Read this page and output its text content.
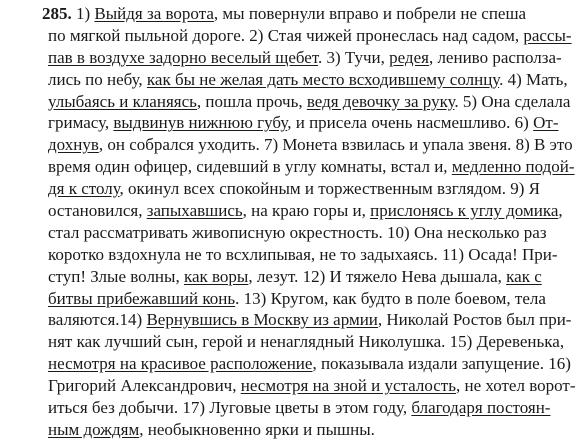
285. 1) Выйдя за ворота, мы повернули вправо и побрели не спеша
по мягкой пыльной дороге. 2) Стая чижей пронеслась над садом, рассы-
пав в воздухе задорно веселый щебет. 3) Тучи, редея, лениво располза-
лись по небу, как бы не желая дать место всходившему солнцу. 4) Мать,
улыбаясь и кланяясь, пошла прочь, ведя девочку за руку. 5) Она сделала
гримасу, выдвинув нижнюю губу, и присела очень насмешливо. 6) От-
дохнув, он собрался уходить. 7) Монета взвилась и упала звеня. 8) В это
время один офицер, сидевший в углу комнаты, встал и, медленно подой-
дя к столу, окинул всех спокойным и торжественным взглядом. 9) Я
остановился, запыхавшись, на краю горы и, прислонясь к углу домика,
стал рассматривать живописную окрестность. 10) Она несколько раз
коротко вздохнула не то всхлипывая, не то задыхаясь. 11) Осада! При-
ступ! Злые волны, как воры, лезут. 12) И тяжело Нева дышала, как с
битвы прибежавший конь. 13) Кругом, как будто в поле боевом, тела
валяются.14) Вернувшись в Москву из армии, Николай Ростов был при-
нят как лучший сын, герой и ненаглядный Николушка. 15) Деревенька,
несмотря на красивое расположение, показывала издали запущение. 16)
Григорий Александрович, несмотря на зной и усталость, не хотел ворот-
иться без добычи. 17) Луговые цветы в этом году, благодаря постоян-
ным дождям, необыкновенно ярки и пышны.
